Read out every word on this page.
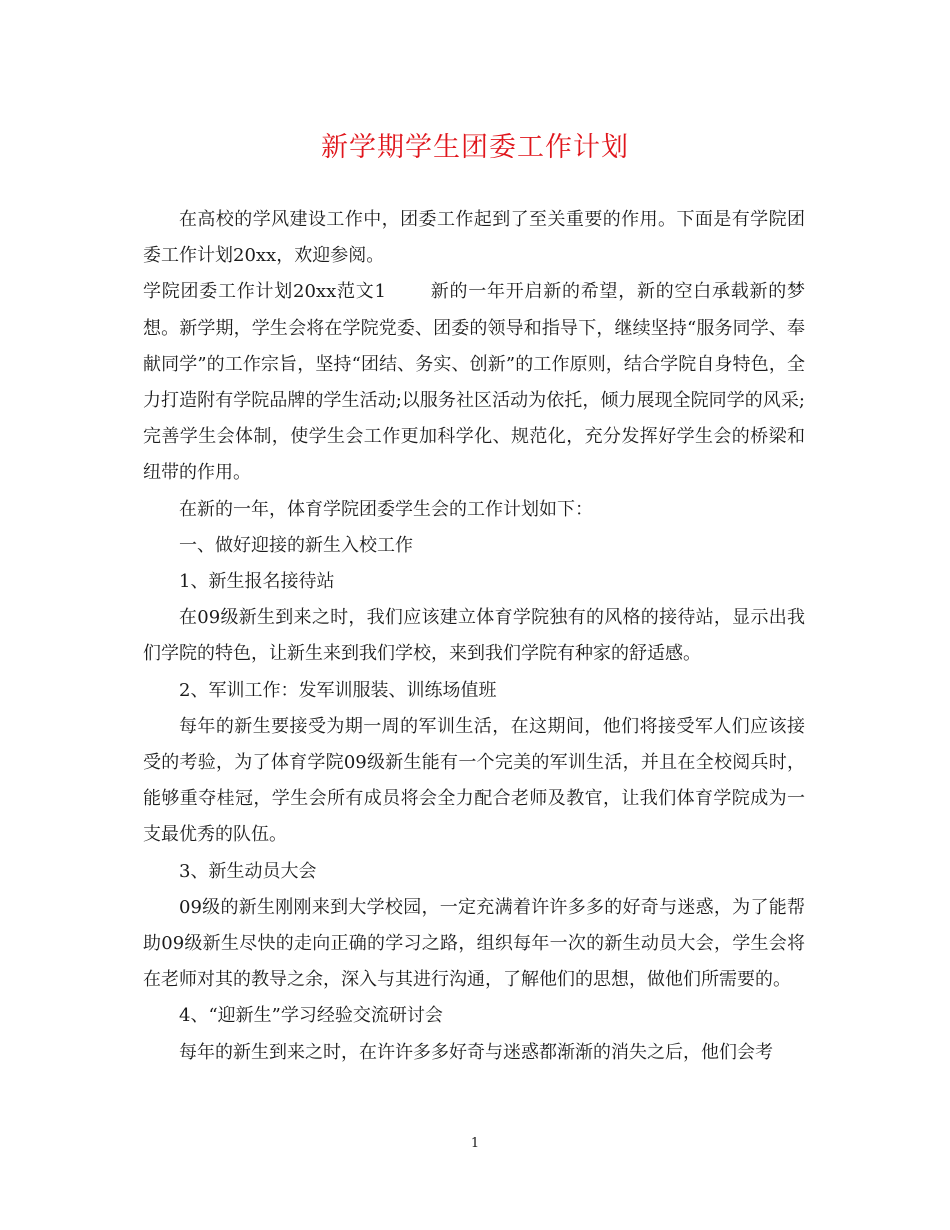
新学期学生团委工作计划

在高校的学风建设工作中，团委工作起到了至关重要的作用。下面是有学院团委工作计划20xx，欢迎参阅。

学院团委工作计划20xx范文1 新的一年开启新的希望，新的空白承载新的梦想。新学期，学生会将在学院党委、团委的领导和指导下，继续坚持“服务同学、奉献同学”的工作宗旨，坚持“团结、务实、创新”的工作原则，结合学院自身特色，全力打造附有学院品牌的学生活动;以服务社区活动为依托，倾力展现全院同学的风采;完善学生会体制，使学生会工作更加科学化、规范化，充分发挥好学生会的桥梁和纽带的作用。

在新的一年，体育学院团委学生会的工作计划如下：

一、做好迎接的新生入校工作

1、新生报名接待站

在09级新生到来之时，我们应该建立体育学院独有的风格的接待站，显示出我们学院的特色，让新生来到我们学校，来到我们学院有种家的舒适感。

2、军训工作：发军训服装、训练场值班

每年的新生要接受为期一周的军训生活，在这期间，他们将接受军人们应该接受的考验，为了体育学院09级新生能有一个完美的军训生活，并且在全校阅兵时，能够重夺桂冠，学生会所有成员将会全力配合老师及教官，让我们体育学院成为一支最优秀的队伍。

3、新生动员大会

09级的新生刚刚来到大学校园，一定充满着许许多多的好奇与迷惑，为了能帮助09级新生尽快的走向正确的学习之路，组织每年一次的新生动员大会，学生会将在老师对其的教导之余，深入与其进行沟通，了解他们的思想，做他们所需要的。

4、“迎新生”学习经验交流研讨会

每年的新生到来之时，在许许多多好奇与迷惑都渐渐的消失之后，他们会考

1
